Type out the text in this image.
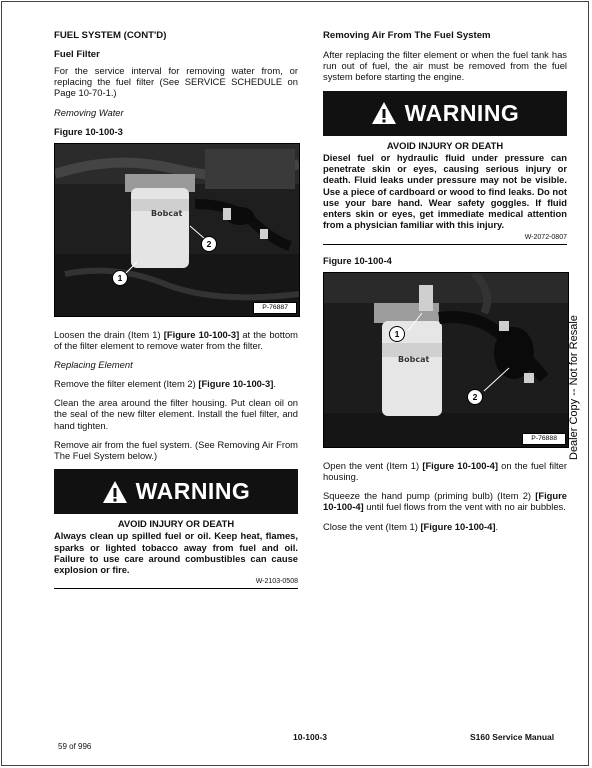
FUEL SYSTEM (CONT'D)
Fuel Filter

For the service interval for removing water from, or replacing the fuel filter (See SERVICE SCHEDULE on Page 10-70-1.)

Removing Water

Figure 10-100-3
Bobcat
1
2
P-76887

Loosen the drain (Item 1) [Figure 10-100-3] at the bottom of the filter element to remove water from the filter.

Replacing Element

Remove the filter element (Item 2) [Figure 10-100-3].

Clean the area around the filter housing. Put clean oil on the seal of the new filter element. Install the fuel filter, and hand tighten.

Remove air from the fuel system. (See Removing Air From The Fuel System below.)

WARNING

AVOID INJURY OR DEATH

Always clean up spilled fuel or oil. Keep heat, flames, sparks or lighted tobacco away from fuel and oil. Failure to use care around combustibles can cause explosion or fire.

W-2103-0508

Removing Air From The Fuel System

After replacing the filter element or when the fuel tank has run out of fuel, the air must be removed from the fuel system before starting the engine.

WARNING

AVOID INJURY OR DEATH

Diesel fuel or hydraulic fluid under pressure can penetrate skin or eyes, causing serious injury or death. Fluid leaks under pressure may not be visible. Use a piece of cardboard or wood to find leaks. Do not use your bare hand. Wear safety goggles. If fluid enters skin or eyes, get immediate medical attention from a physician familiar with this injury.

W-2072-0807

Figure 10-100-4
Bobcat
1
2
P-76888

Open the vent (Item 1) [Figure 10-100-4] on the fuel filter housing.

Squeeze the hand pump (priming bulb) (Item 2) [Figure 10-100-4] until fuel flows from the vent with no air bubbles.

Close the vent (Item 1) [Figure 10-100-4].

Dealer Copy -- Not for Resale
59 of 996
10-100-3	S160 Service Manual
